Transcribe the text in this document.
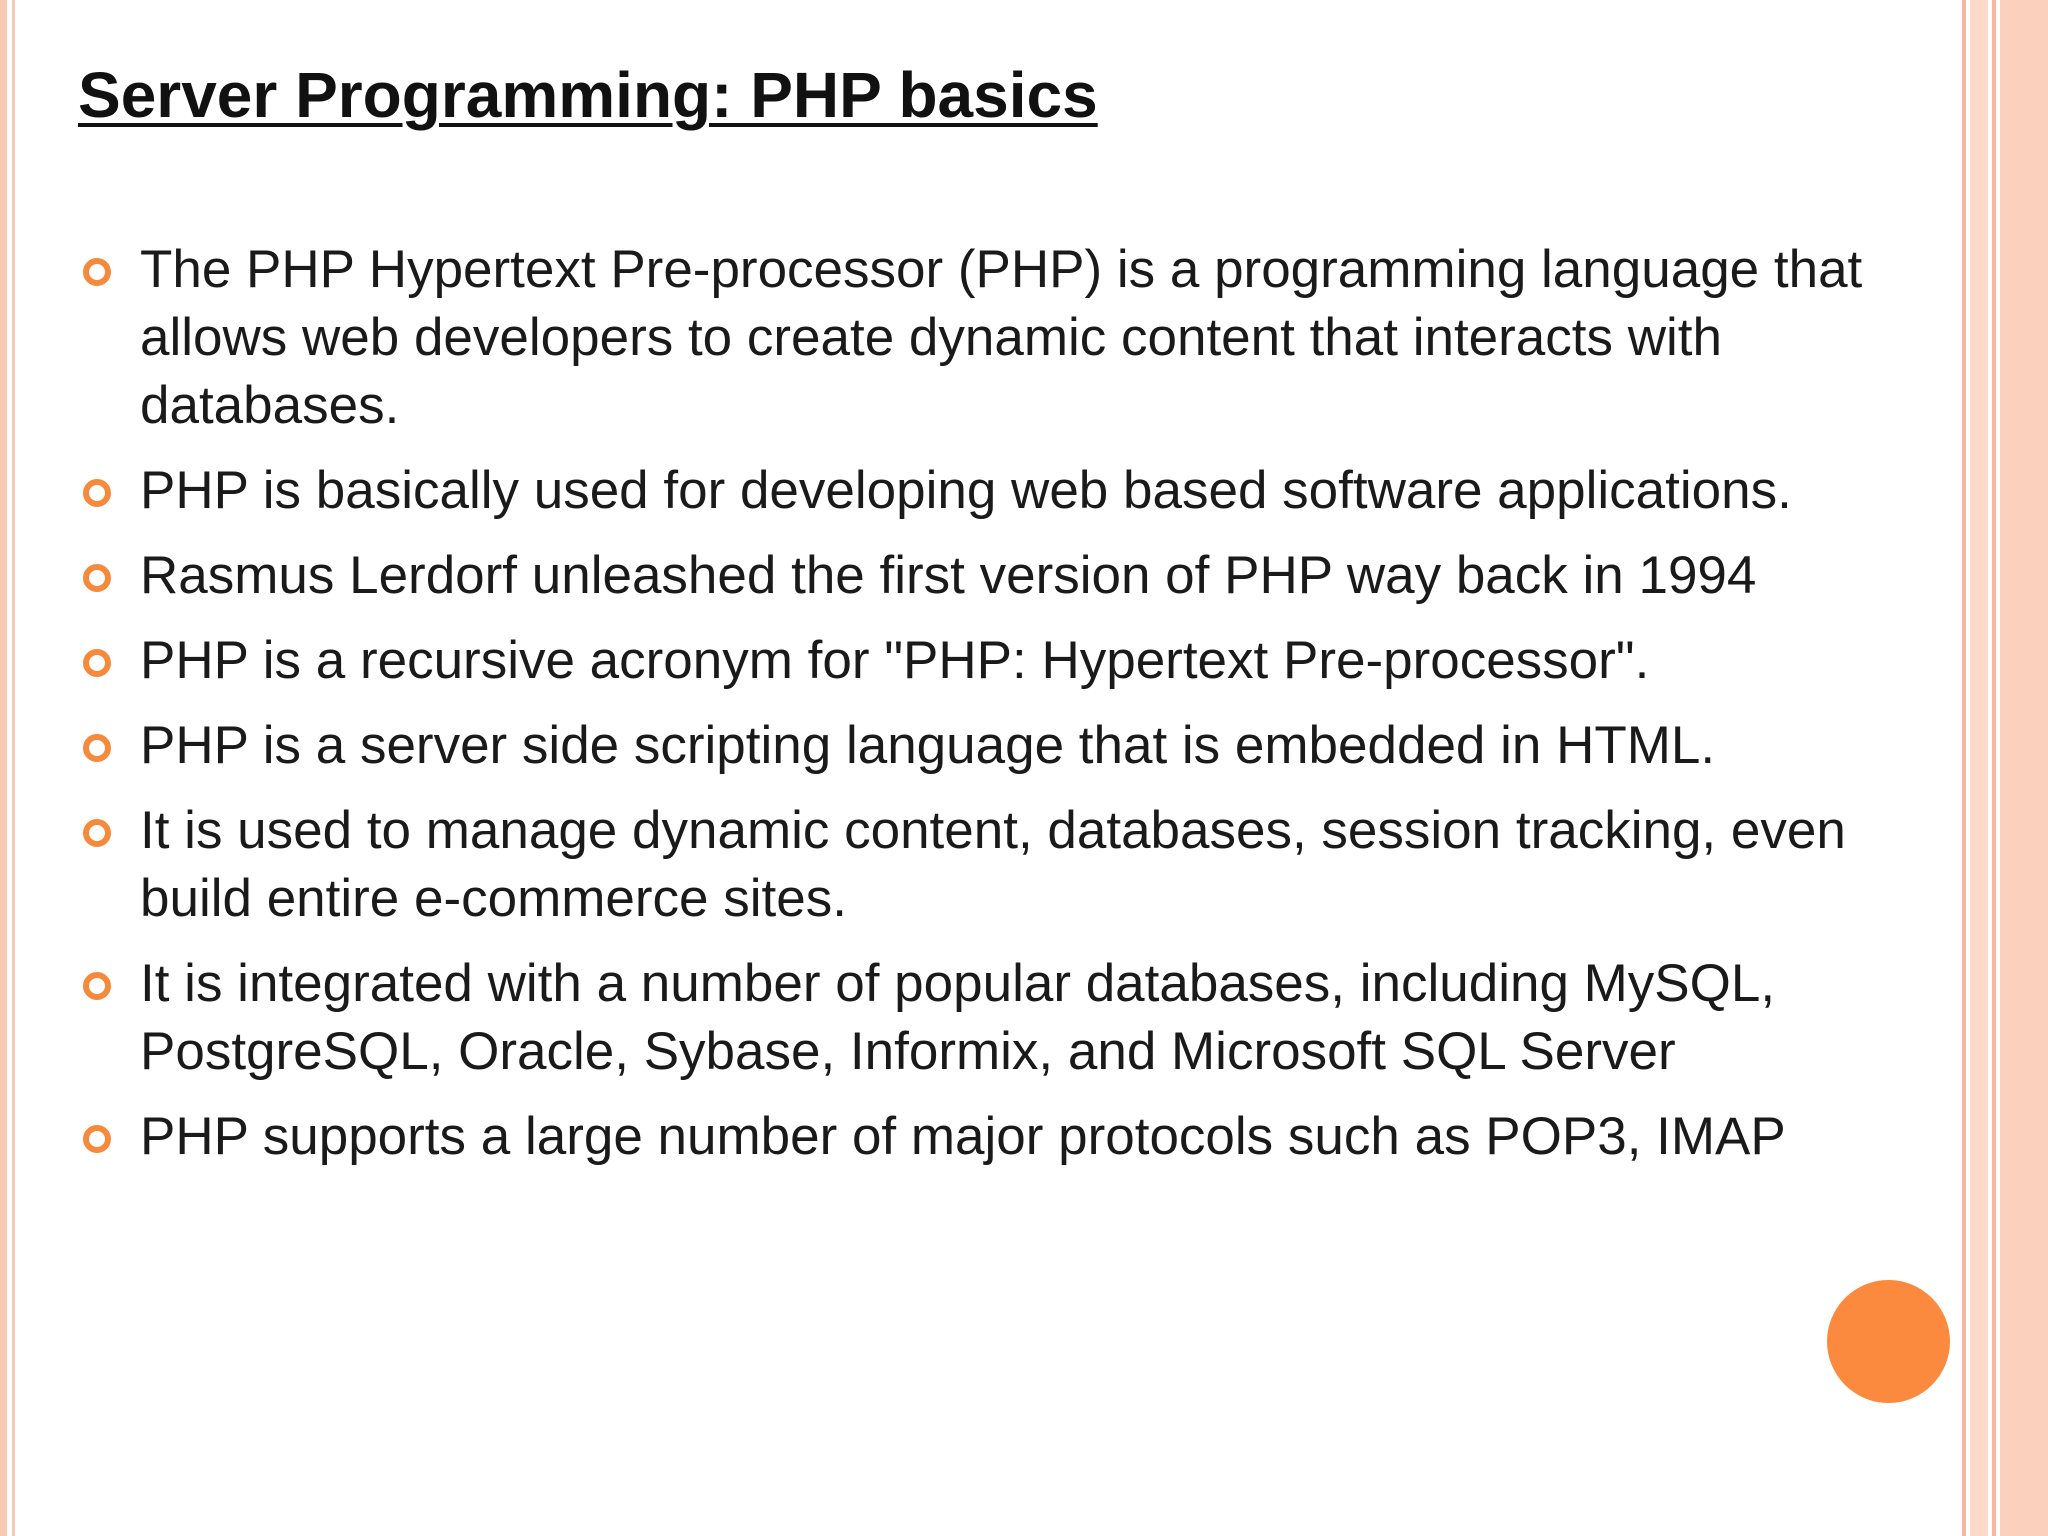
Server Programming: PHP basics
The PHP Hypertext Pre-processor (PHP) is a programming language that allows web developers to create dynamic content that interacts with databases.
PHP is basically used for developing web based software applications.
Rasmus Lerdorf unleashed the first version of PHP way back in 1994
PHP is a recursive acronym for "PHP: Hypertext Pre-processor".
PHP is a server side scripting language that is embedded in HTML.
It is used to manage dynamic content, databases, session tracking, even build entire e-commerce sites.
It is integrated with a number of popular databases, including MySQL, PostgreSQL, Oracle, Sybase, Informix, and Microsoft SQL Server
PHP supports a large number of major protocols such as POP3, IMAP
